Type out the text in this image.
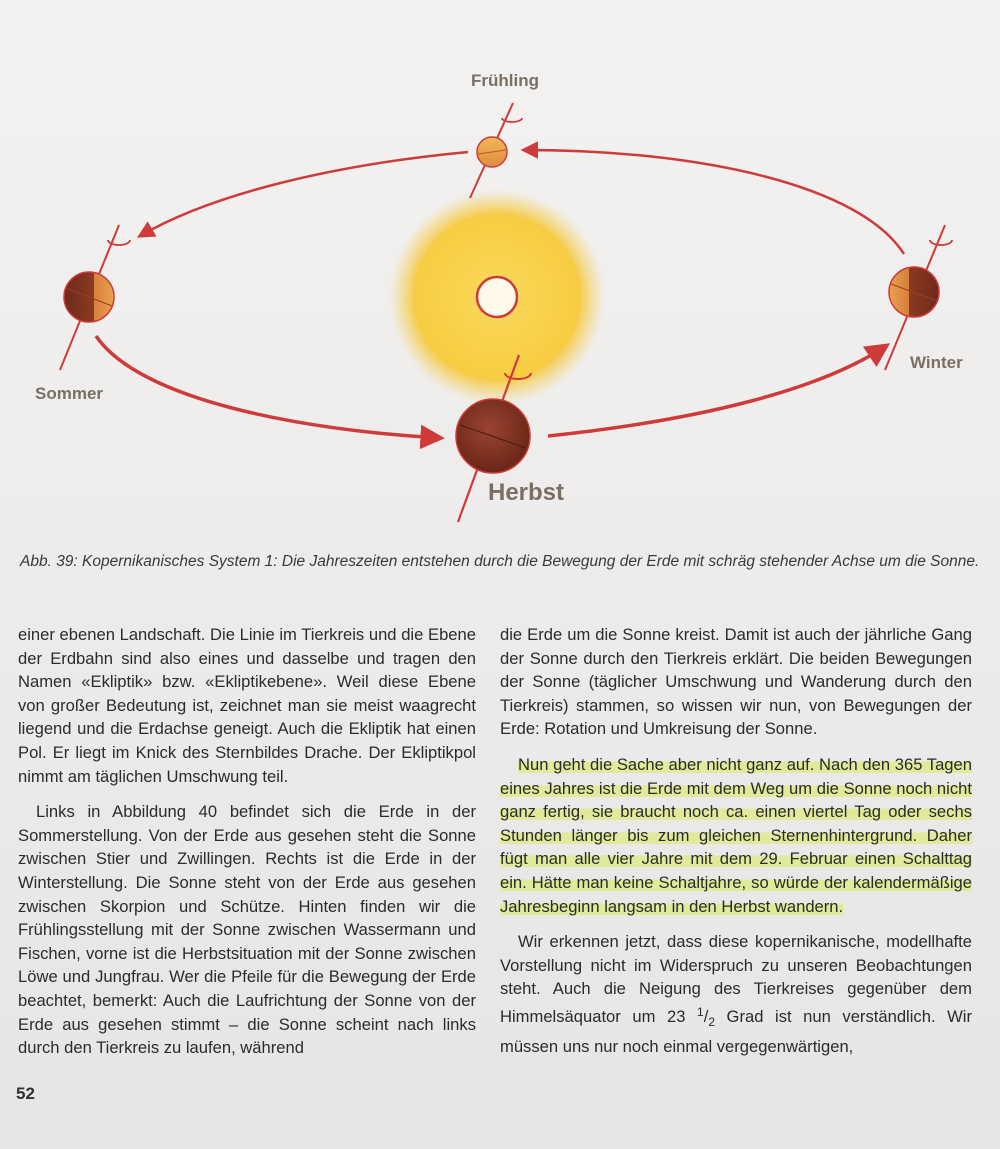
Frühling
Sommer
Winter
Herbst
Abb. 39: Kopernikanisches System 1: Die Jahreszeiten entstehen durch die Bewegung der Erde mit schräg stehender Achse um die Sonne.

einer ebenen Landschaft. Die Linie im Tierkreis und die Ebene der Erdbahn sind also eines und dasselbe und tragen den Namen «Ekliptik» bzw. «Ekliptikebene». Weil diese Ebene von großer Bedeutung ist, zeichnet man sie meist waagrecht liegend und die Erdachse geneigt. Auch die Ekliptik hat einen Pol. Er liegt im Knick des Sternbildes Drache. Der Ekliptikpol nimmt am täglichen Umschwung teil.

Links in Abbildung 40 befindet sich die Erde in der Sommerstellung. Von der Erde aus gesehen steht die Sonne zwischen Stier und Zwillingen. Rechts ist die Erde in der Winterstellung. Die Sonne steht von der Erde aus gesehen zwischen Skorpion und Schütze. Hinten finden wir die Frühlingsstellung mit der Sonne zwischen Wassermann und Fischen, vorne ist die Herbstsituation mit der Sonne zwischen Löwe und Jungfrau. Wer die Pfeile für die Bewegung der Erde beachtet, bemerkt: Auch die Laufrichtung der Sonne von der Erde aus gesehen stimmt – die Sonne scheint nach links durch den Tierkreis zu laufen, während

die Erde um die Sonne kreist. Damit ist auch der jährliche Gang der Sonne durch den Tierkreis erklärt. Die beiden Bewegungen der Sonne (täglicher Umschwung und Wanderung durch den Tierkreis) stammen, so wissen wir nun, von Bewegungen der Erde: Rotation und Umkreisung der Sonne.

Nun geht die Sache aber nicht ganz auf. Nach den 365 Tagen eines Jahres ist die Erde mit dem Weg um die Sonne noch nicht ganz fertig, sie braucht noch ca. einen viertel Tag oder sechs Stunden länger bis zum gleichen Sternenhintergrund. Daher fügt man alle vier Jahre mit dem 29. Februar einen Schalttag ein. Hätte man keine Schaltjahre, so würde der kalendermäßige Jahresbeginn langsam in den Herbst wandern.

Wir erkennen jetzt, dass diese kopernikanische, modellhafte Vorstellung nicht im Widerspruch zu unseren Beobachtungen steht. Auch die Neigung des Tierkreises gegenüber dem Himmelsäquator um 23 $^1/_2$ Grad ist nun verständlich. Wir müssen uns nur noch einmal vergegenwärtigen,

52
